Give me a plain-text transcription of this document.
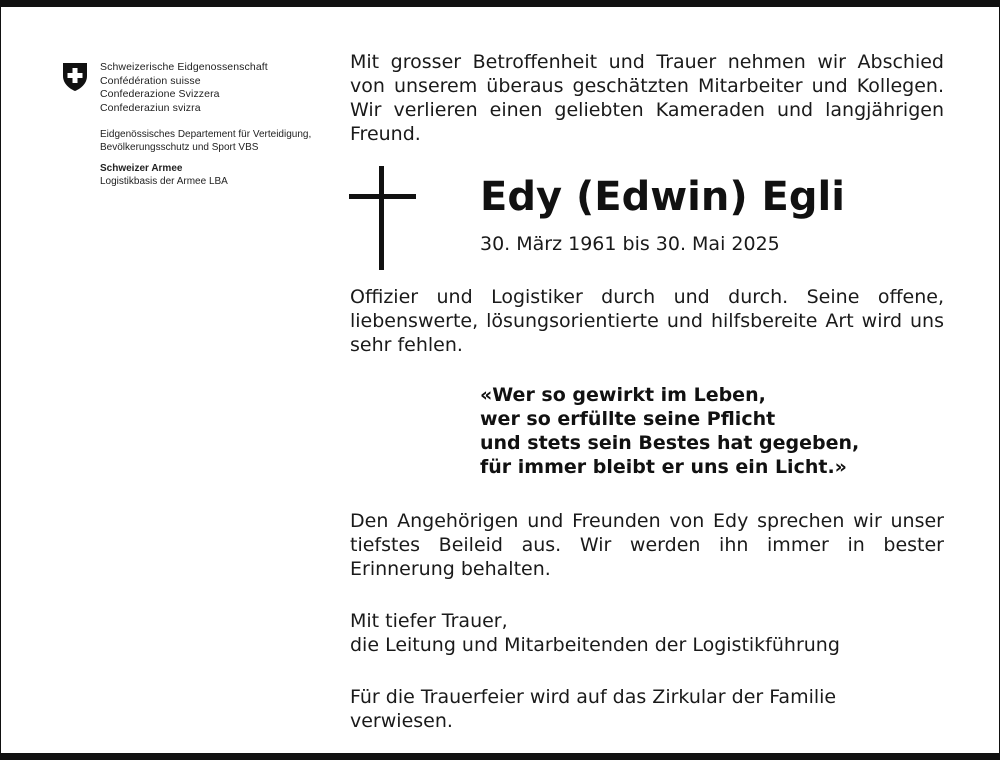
Schweizerische Eidgenossenschaft
Confédération suisse
Confederazione Svizzera
Confederaziun svizra
Eidgenössisches Departement für Verteidigung,
Bevölkerungsschutz und Sport VBS
Schweizer Armee
Logistikbasis der Armee LBA
Mit grosser Betroffenheit und Trauer nehmen wir Abschied von unserem überaus geschätzten Mitarbeiter und Kollegen. Wir verlieren einen geliebten Kameraden und langjährigen Freund.
Edy (Edwin) Egli
30. März 1961 bis 30. Mai 2025
Offizier und Logistiker durch und durch. Seine offene, liebenswerte, lösungsorientierte und hilfsbereite Art wird uns sehr fehlen.
«Wer so gewirkt im Leben,
wer so erfüllte seine Pflicht
und stets sein Bestes hat gegeben,
für immer bleibt er uns ein Licht.»
Den Angehörigen und Freunden von Edy sprechen wir unser tiefstes Beileid aus. Wir werden ihn immer in bester Erinnerung behalten.
Mit tiefer Trauer,
die Leitung und Mitarbeitenden der Logistikführung
Für die Trauerfeier wird auf das Zirkular der Familie verwiesen.
